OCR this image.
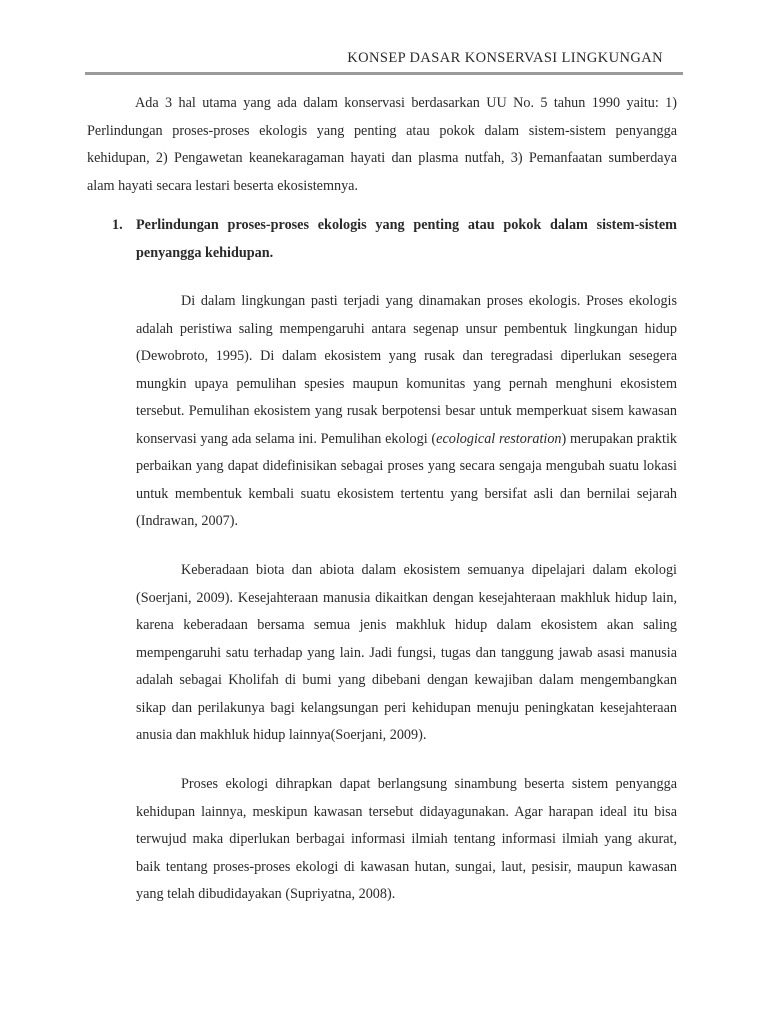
KONSEP DASAR KONSERVASI LINGKUNGAN

Ada 3 hal utama yang ada dalam konservasi berdasarkan UU No. 5 tahun 1990 yaitu: 1) Perlindungan proses-proses ekologis yang penting atau pokok dalam sistem-sistem penyangga kehidupan, 2) Pengawetan keanekaragaman hayati dan plasma nutfah, 3) Pemanfaatan sumberdaya alam hayati secara lestari beserta ekosistemnya.

1. Perlindungan proses-proses ekologis yang penting atau pokok dalam sistem-sistem penyangga kehidupan.

Di dalam lingkungan pasti terjadi yang dinamakan proses ekologis. Proses ekologis adalah peristiwa saling mempengaruhi antara segenap unsur pembentuk lingkungan hidup (Dewobroto, 1995). Di dalam ekosistem yang rusak dan teregradasi diperlukan sesegera mungkin upaya pemulihan spesies maupun komunitas yang pernah menghuni ekosistem tersebut. Pemulihan ekosistem yang rusak berpotensi besar untuk memperkuat sisem kawasan konservasi yang ada selama ini. Pemulihan ekologi (ecological restoration) merupakan praktik perbaikan yang dapat didefinisikan sebagai proses yang secara sengaja mengubah suatu lokasi untuk membentuk kembali suatu ekosistem tertentu yang bersifat asli dan bernilai sejarah (Indrawan, 2007).

Keberadaan biota dan abiota dalam ekosistem semuanya dipelajari dalam ekologi (Soerjani, 2009). Kesejahteraan manusia dikaitkan dengan kesejahteraan makhluk hidup lain, karena keberadaan bersama semua jenis makhluk hidup dalam ekosistem akan saling mempengaruhi satu terhadap yang lain. Jadi fungsi, tugas dan tanggung jawab asasi manusia adalah sebagai Kholifah di bumi yang dibebani dengan kewajiban dalam mengembangkan sikap dan perilakunya bagi kelangsungan peri kehidupan menuju peningkatan kesejahteraan anusia dan makhluk hidup lainnya(Soerjani, 2009).

Proses ekologi dihrapkan dapat berlangsung sinambung beserta sistem penyangga kehidupan lainnya, meskipun kawasan tersebut didayagunakan. Agar harapan ideal itu bisa terwujud maka diperlukan berbagai informasi ilmiah tentang informasi ilmiah yang akurat, baik tentang proses-proses ekologi di kawasan hutan, sungai, laut, pesisir, maupun kawasan yang telah dibudidayakan (Supriyatna, 2008).
